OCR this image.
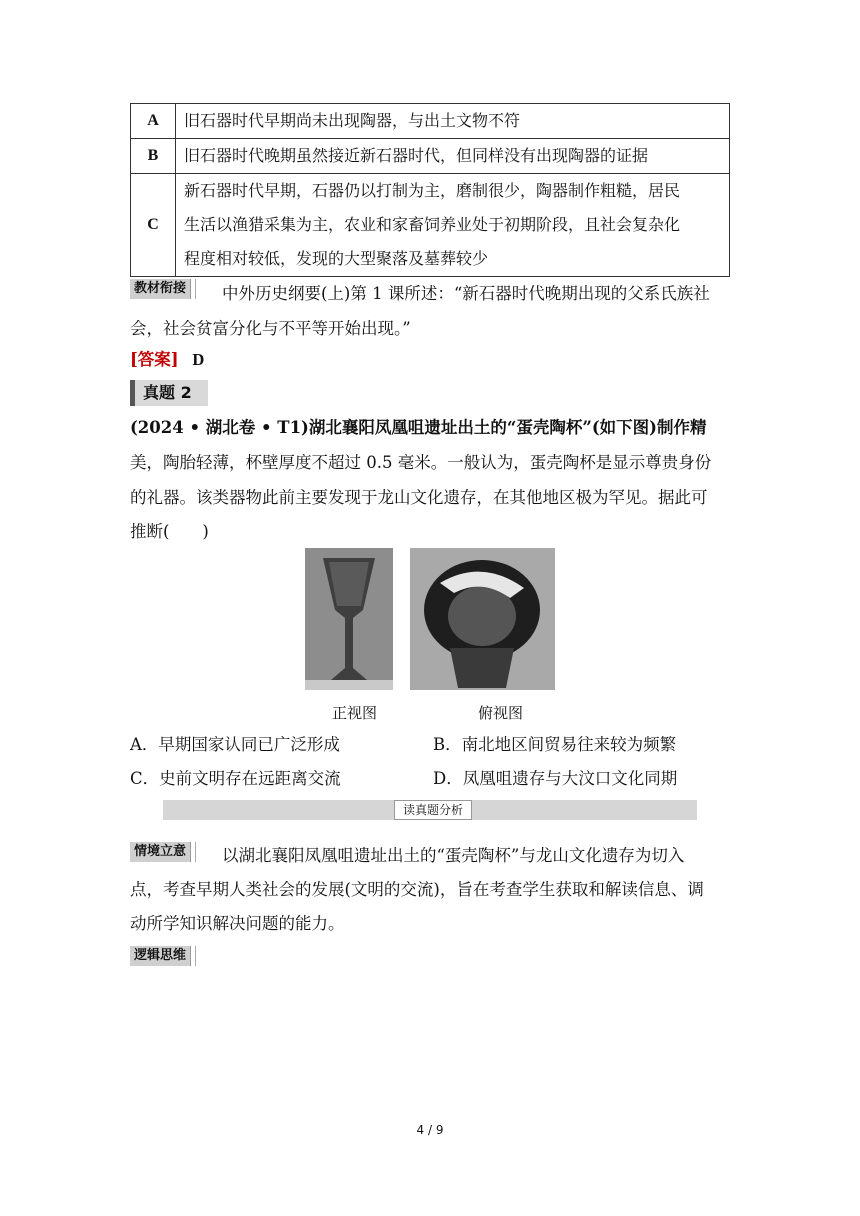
A	旧石器时代早期尚未出现陶器，与出土文物不符
B	旧石器时代晚期虽然接近新石器时代，但同样没有出现陶器的证据
C	新石器时代早期，石器仍以打制为主，磨制很少，陶器制作粗糙，居民
生活以渔猎采集为主，农业和家畜饲养业处于初期阶段，且社会复杂化
程度相对较低，发现的大型聚落及墓葬较少
教材衔接	中外历史纲要(上)第 1 课所述：“新石器时代晚期出现的父系氏族社
会，社会贫富分化与不平等开始出现。”
[答案] D
真题 2
(2024 • 湖北卷 • T1)湖北襄阳凤凰咀遗址出土的“蛋壳陶杯”(如下图)制作精
美，陶胎轻薄，杯壁厚度不超过 0.5 毫米。一般认为，蛋壳陶杯是显示尊贵身份
的礼器。该类器物此前主要发现于龙山文化遗存，在其他地区极为罕见。据此可
推断(　　)
正视图	俯视图
A．早期国家认同已广泛形成	B．南北地区间贸易往来较为频繁
C．史前文明存在远距离交流	D．凤凰咀遗存与大汶口文化同期
读真题分析
情境立意	以湖北襄阳凤凰咀遗址出土的“蛋壳陶杯”与龙山文化遗存为切入
点，考查早期人类社会的发展(文明的交流)，旨在考查学生获取和解读信息、调
动所学知识解决问题的能力。
逻辑思维
4 / 9
